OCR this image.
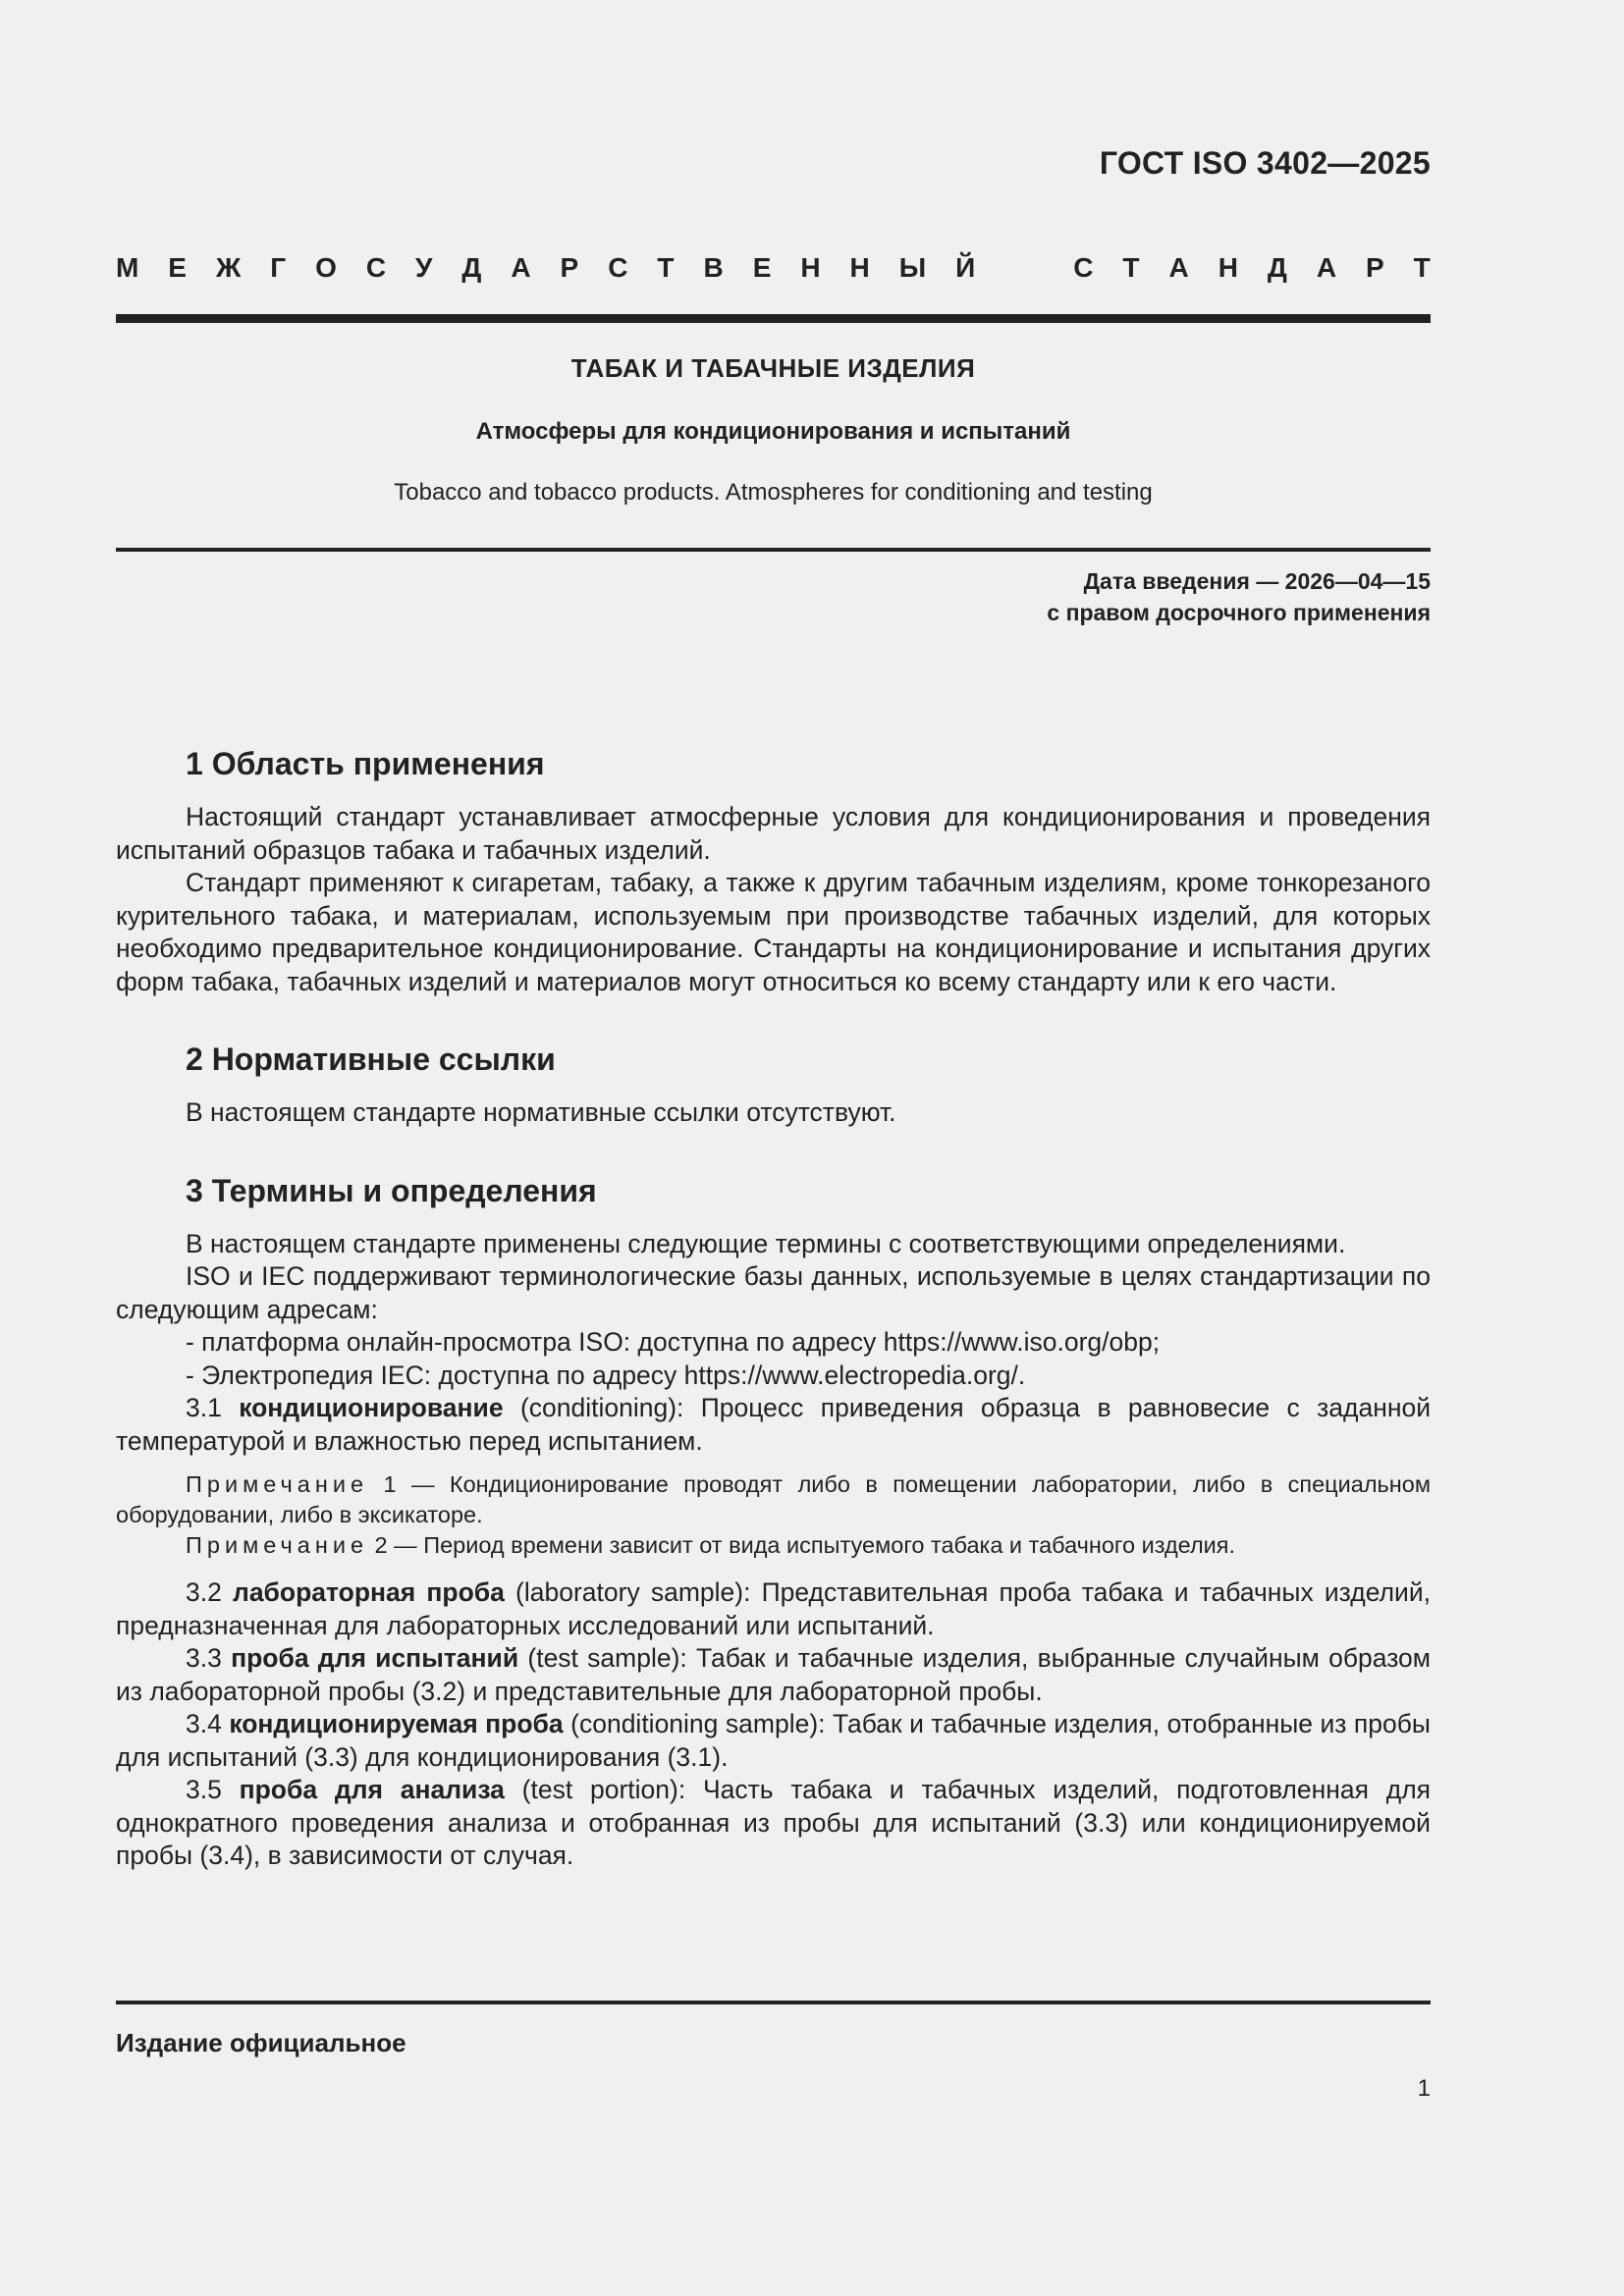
ГОСТ ISO 3402—2025
М Е Ж Г О С У Д А Р С Т В Е Н Н Ы Й	С Т А Н Д А Р Т
ТАБАК И ТАБАЧНЫЕ ИЗДЕЛИЯ
Атмосферы для кондиционирования и испытаний
Tobacco and tobacco products. Atmospheres for conditioning and testing
Дата введения — 2026—04—15
с правом досрочного применения
1 Область применения

Настоящий стандарт устанавливает атмосферные условия для кондиционирования и проведения испытаний образцов табака и табачных изделий.

Стандарт применяют к сигаретам, табаку, а также к другим табачным изделиям, кроме тонкорезаного курительного табака, и материалам, используемым при производстве табачных изделий, для которых необходимо предварительное кондиционирование. Стандарты на кондиционирование и испытания других форм табака, табачных изделий и материалов могут относиться ко всему стандарту или к его части.

2 Нормативные ссылки

В настоящем стандарте нормативные ссылки отсутствуют.

3 Термины и определения

В настоящем стандарте применены следующие термины с соответствующими определениями.

ISO и IEC поддерживают терминологические базы данных, используемые в целях стандартизации по следующим адресам:

- платформа онлайн-просмотра ISO: доступна по адресу https://www.iso.org/obp;

- Электропедия IEC: доступна по адресу https://www.electropedia.org/.

3.1 кондиционирование (conditioning): Процесс приведения образца в равновесие с заданной температурой и влажностью перед испытанием.

Примечание 1 — Кондиционирование проводят либо в помещении лаборатории, либо в специальном оборудовании, либо в эксикаторе.

Примечание 2 — Период времени зависит от вида испытуемого табака и табачного изделия.

3.2 лабораторная проба (laboratory sample): Представительная проба табака и табачных изделий, предназначенная для лабораторных исследований или испытаний.

3.3 проба для испытаний (test sample): Табак и табачные изделия, выбранные случайным образом из лабораторной пробы (3.2) и представительные для лабораторной пробы.

3.4 кондиционируемая проба (conditioning sample): Табак и табачные изделия, отобранные из пробы для испытаний (3.3) для кондиционирования (3.1).

3.5 проба для анализа (test portion): Часть табака и табачных изделий, подготовленная для однократного проведения анализа и отобранная из пробы для испытаний (3.3) или кондиционируемой пробы (3.4), в зависимости от случая.

Издание официальное
1
